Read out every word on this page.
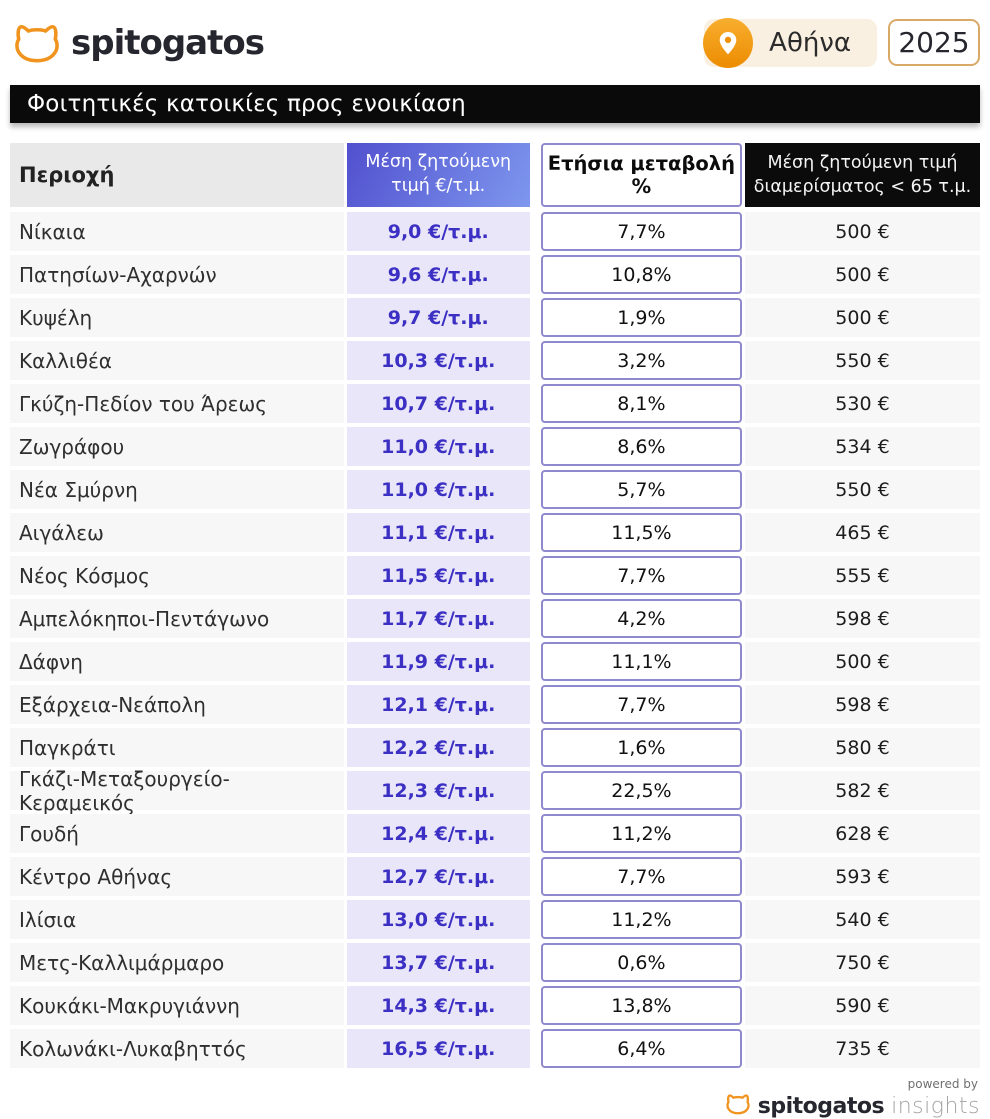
spitogatos	Αθήνα 2025
Φοιτητικές κατοικίες προς ενοικίαση
Περιοχή
Μέση ζητούμενη τιμή €/τ.μ.
Ετήσια μεταβολή %
Μέση ζητούμενη τιμή διαμερίσματος < 65 τ.μ.
Νίκαια	9,0 €/τ.μ.	7,7%	500 €
Πατησίων-Αχαρνών	9,6 €/τ.μ.	10,8%	500 €
Κυψέλη	9,7 €/τ.μ.	1,9%	500 €
Καλλιθέα	10,3 €/τ.μ.	3,2%	550 €
Γκύζη-Πεδίον του Άρεως	10,7 €/τ.μ.	8,1%	530 €
Ζωγράφου	11,0 €/τ.μ.	8,6%	534 €
Νέα Σμύρνη	11,0 €/τ.μ.	5,7%	550 €
Αιγάλεω	11,1 €/τ.μ.	11,5%	465 €
Νέος Κόσμος	11,5 €/τ.μ.	7,7%	555 €
Αμπελόκηποι-Πεντάγωνο	11,7 €/τ.μ.	4,2%	598 €
Δάφνη	11,9 €/τ.μ.	11,1%	500 €
Εξάρχεια-Νεάπολη	12,1 €/τ.μ.	7,7%	598 €
Παγκράτι	12,2 €/τ.μ.	1,6%	580 €
Γκάζι-Μεταξουργείο-Κεραμεικός	12,3 €/τ.μ.	22,5%	582 €
Γουδή	12,4 €/τ.μ.	11,2%	628 €
Κέντρο Αθήνας	12,7 €/τ.μ.	7,7%	593 €
Ιλίσια	13,0 €/τ.μ.	11,2%	540 €
Μετς-Καλλιμάρμαρο	13,7 €/τ.μ.	0,6%	750 €
Κουκάκι-Μακρυγιάννη	14,3 €/τ.μ.	13,8%	590 €
Κολωνάκι-Λυκαβηττός	16,5 €/τ.μ.	6,4%	735 €
powered by
spitogatos insights
